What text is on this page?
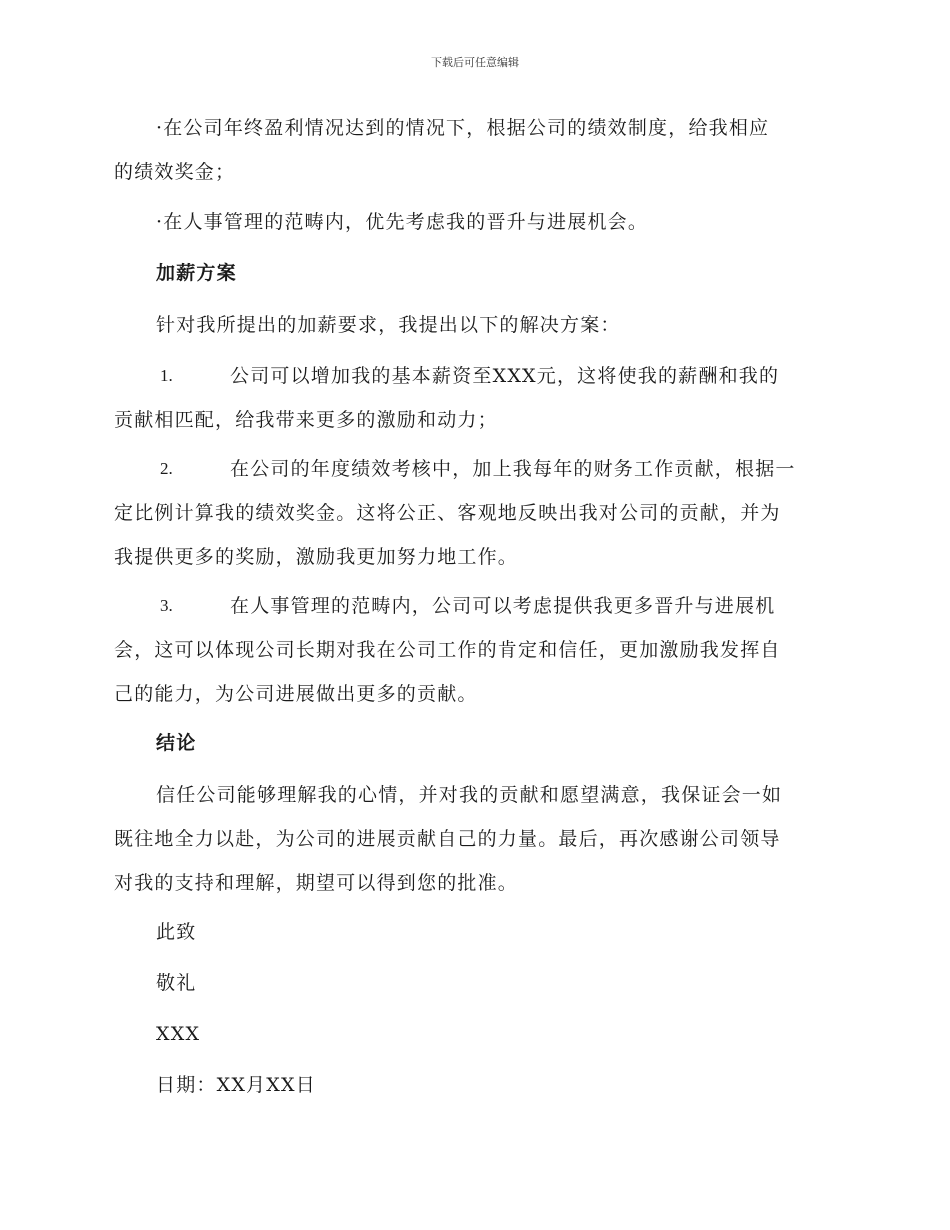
下载后可任意编辑

·在公司年终盈利情况达到的情况下，根据公司的绩效制度，给我相应

的绩效奖金；

·在人事管理的范畴内，优先考虑我的晋升与进展机会。

加薪方案

针对我所提出的加薪要求，我提出以下的解决方案：

1.	公司可以增加我的基本薪资至XXX元，这将使我的薪酬和我的

贡献相匹配，给我带来更多的激励和动力；

2.	在公司的年度绩效考核中，加上我每年的财务工作贡献，根据一

定比例计算我的绩效奖金。这将公正、客观地反映出我对公司的贡献，并为

我提供更多的奖励，激励我更加努力地工作。

3.	在人事管理的范畴内，公司可以考虑提供我更多晋升与进展机

会，这可以体现公司长期对我在公司工作的肯定和信任，更加激励我发挥自

己的能力，为公司进展做出更多的贡献。

结论

信任公司能够理解我的心情，并对我的贡献和愿望满意，我保证会一如

既往地全力以赴，为公司的进展贡献自己的力量。最后，再次感谢公司领导

对我的支持和理解，期望可以得到您的批准。

此致

敬礼

XXX

日期：XX月XX日
